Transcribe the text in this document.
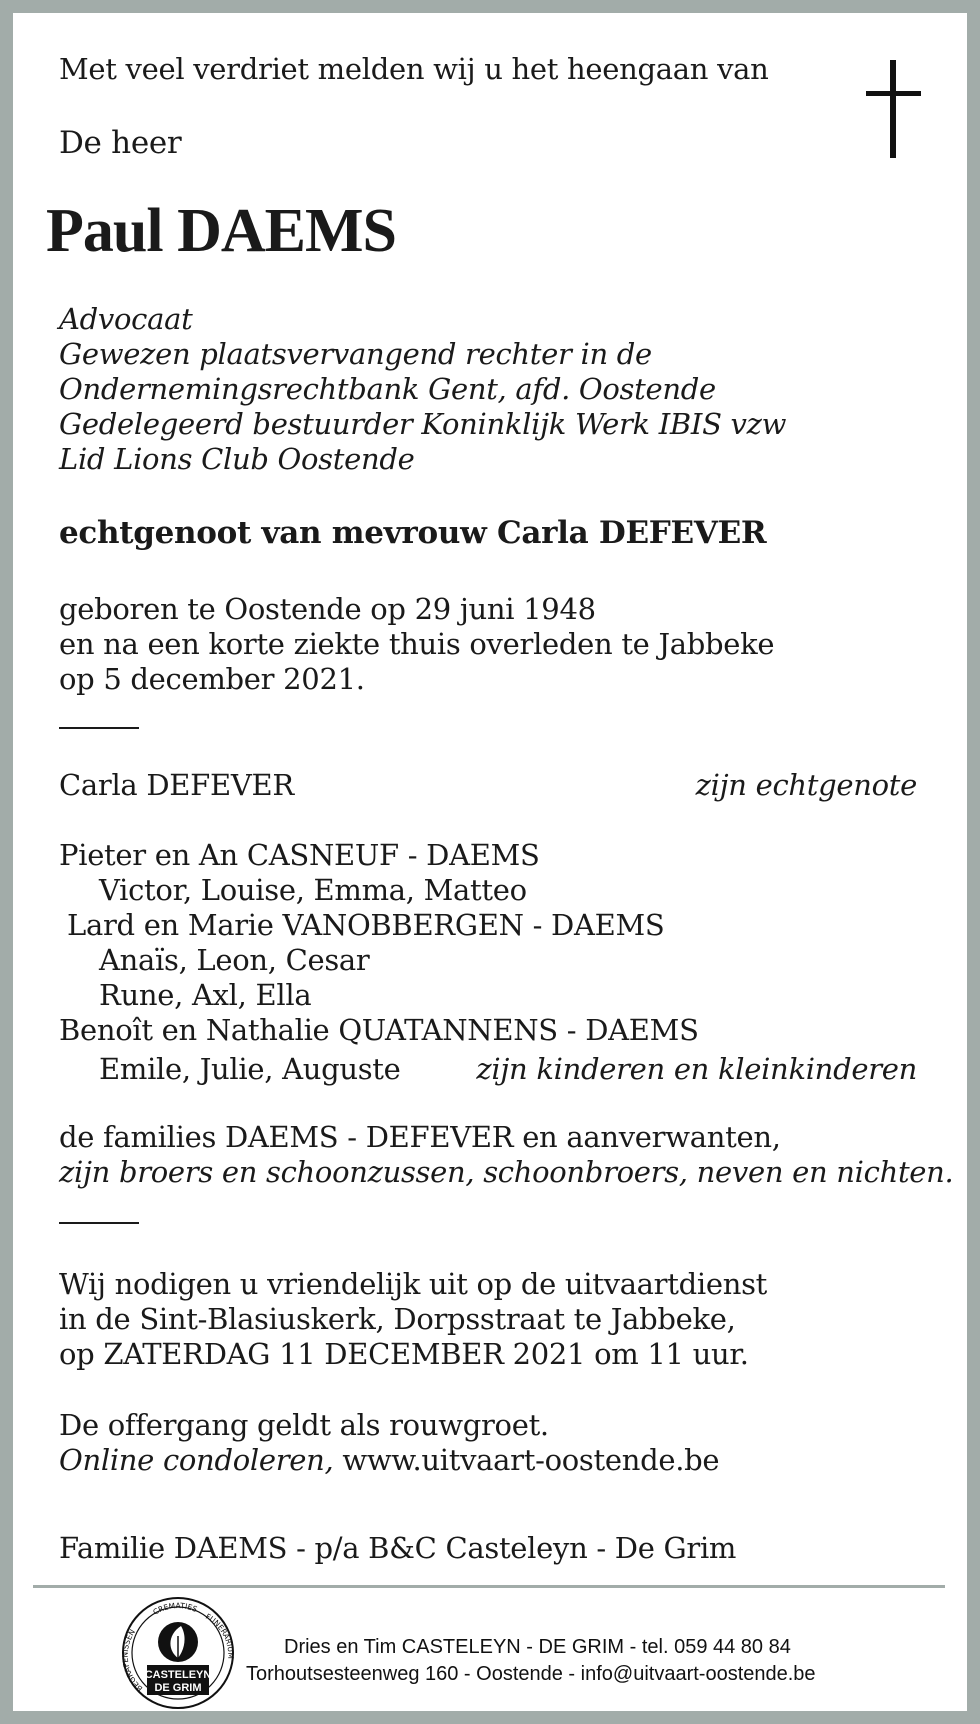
Met veel verdriet melden wij u het heengaan van
De heer
Paul DAEMS
Advocaat
Gewezen plaatsvervangend rechter in de
Ondernemingsrechtbank Gent, afd. Oostende
Gedelegeerd bestuurder Koninklijk Werk IBIS vzw
Lid Lions Club Oostende
echtgenoot van mevrouw Carla DEFEVER
geboren te Oostende op 29 juni 1948
en na een korte ziekte thuis overleden te Jabbeke
op 5 december 2021.
Carla DEFEVER	zijn echtgenote
Pieter en An CASNEUF - DAEMS
Victor, Louise, Emma, Matteo
Lard en Marie VANOBBERGEN - DAEMS
Anaïs, Leon, Cesar
Rune, Axl, Ella
Benoît en Nathalie QUATANNENS - DAEMS
Emile, Julie, Auguste	zijn kinderen en kleinkinderen
de families DAEMS - DEFEVER en aanverwanten,
zijn broers en schoonzussen, schoonbroers, neven en nichten.
Wij nodigen u vriendelijk uit op de uitvaartdienst
in de Sint-Blasiuskerk, Dorpsstraat te Jabbeke,
op ZATERDAG 11 DECEMBER 2021 om 11 uur.
De offergang geldt als rouwgroet.
Online condoleren, www.uitvaart-oostende.be
Familie DAEMS - p/a B&C Casteleyn - De Grim
BEGRAFENISSEN
CREMATIES
FUNERARIUM
CASTELEYN
DE GRIM
Dries en Tim CASTELEYN - DE GRIM - tel. 059 44 80 84
Torhoutsesteenweg 160 - Oostende - info@uitvaart-oostende.be
